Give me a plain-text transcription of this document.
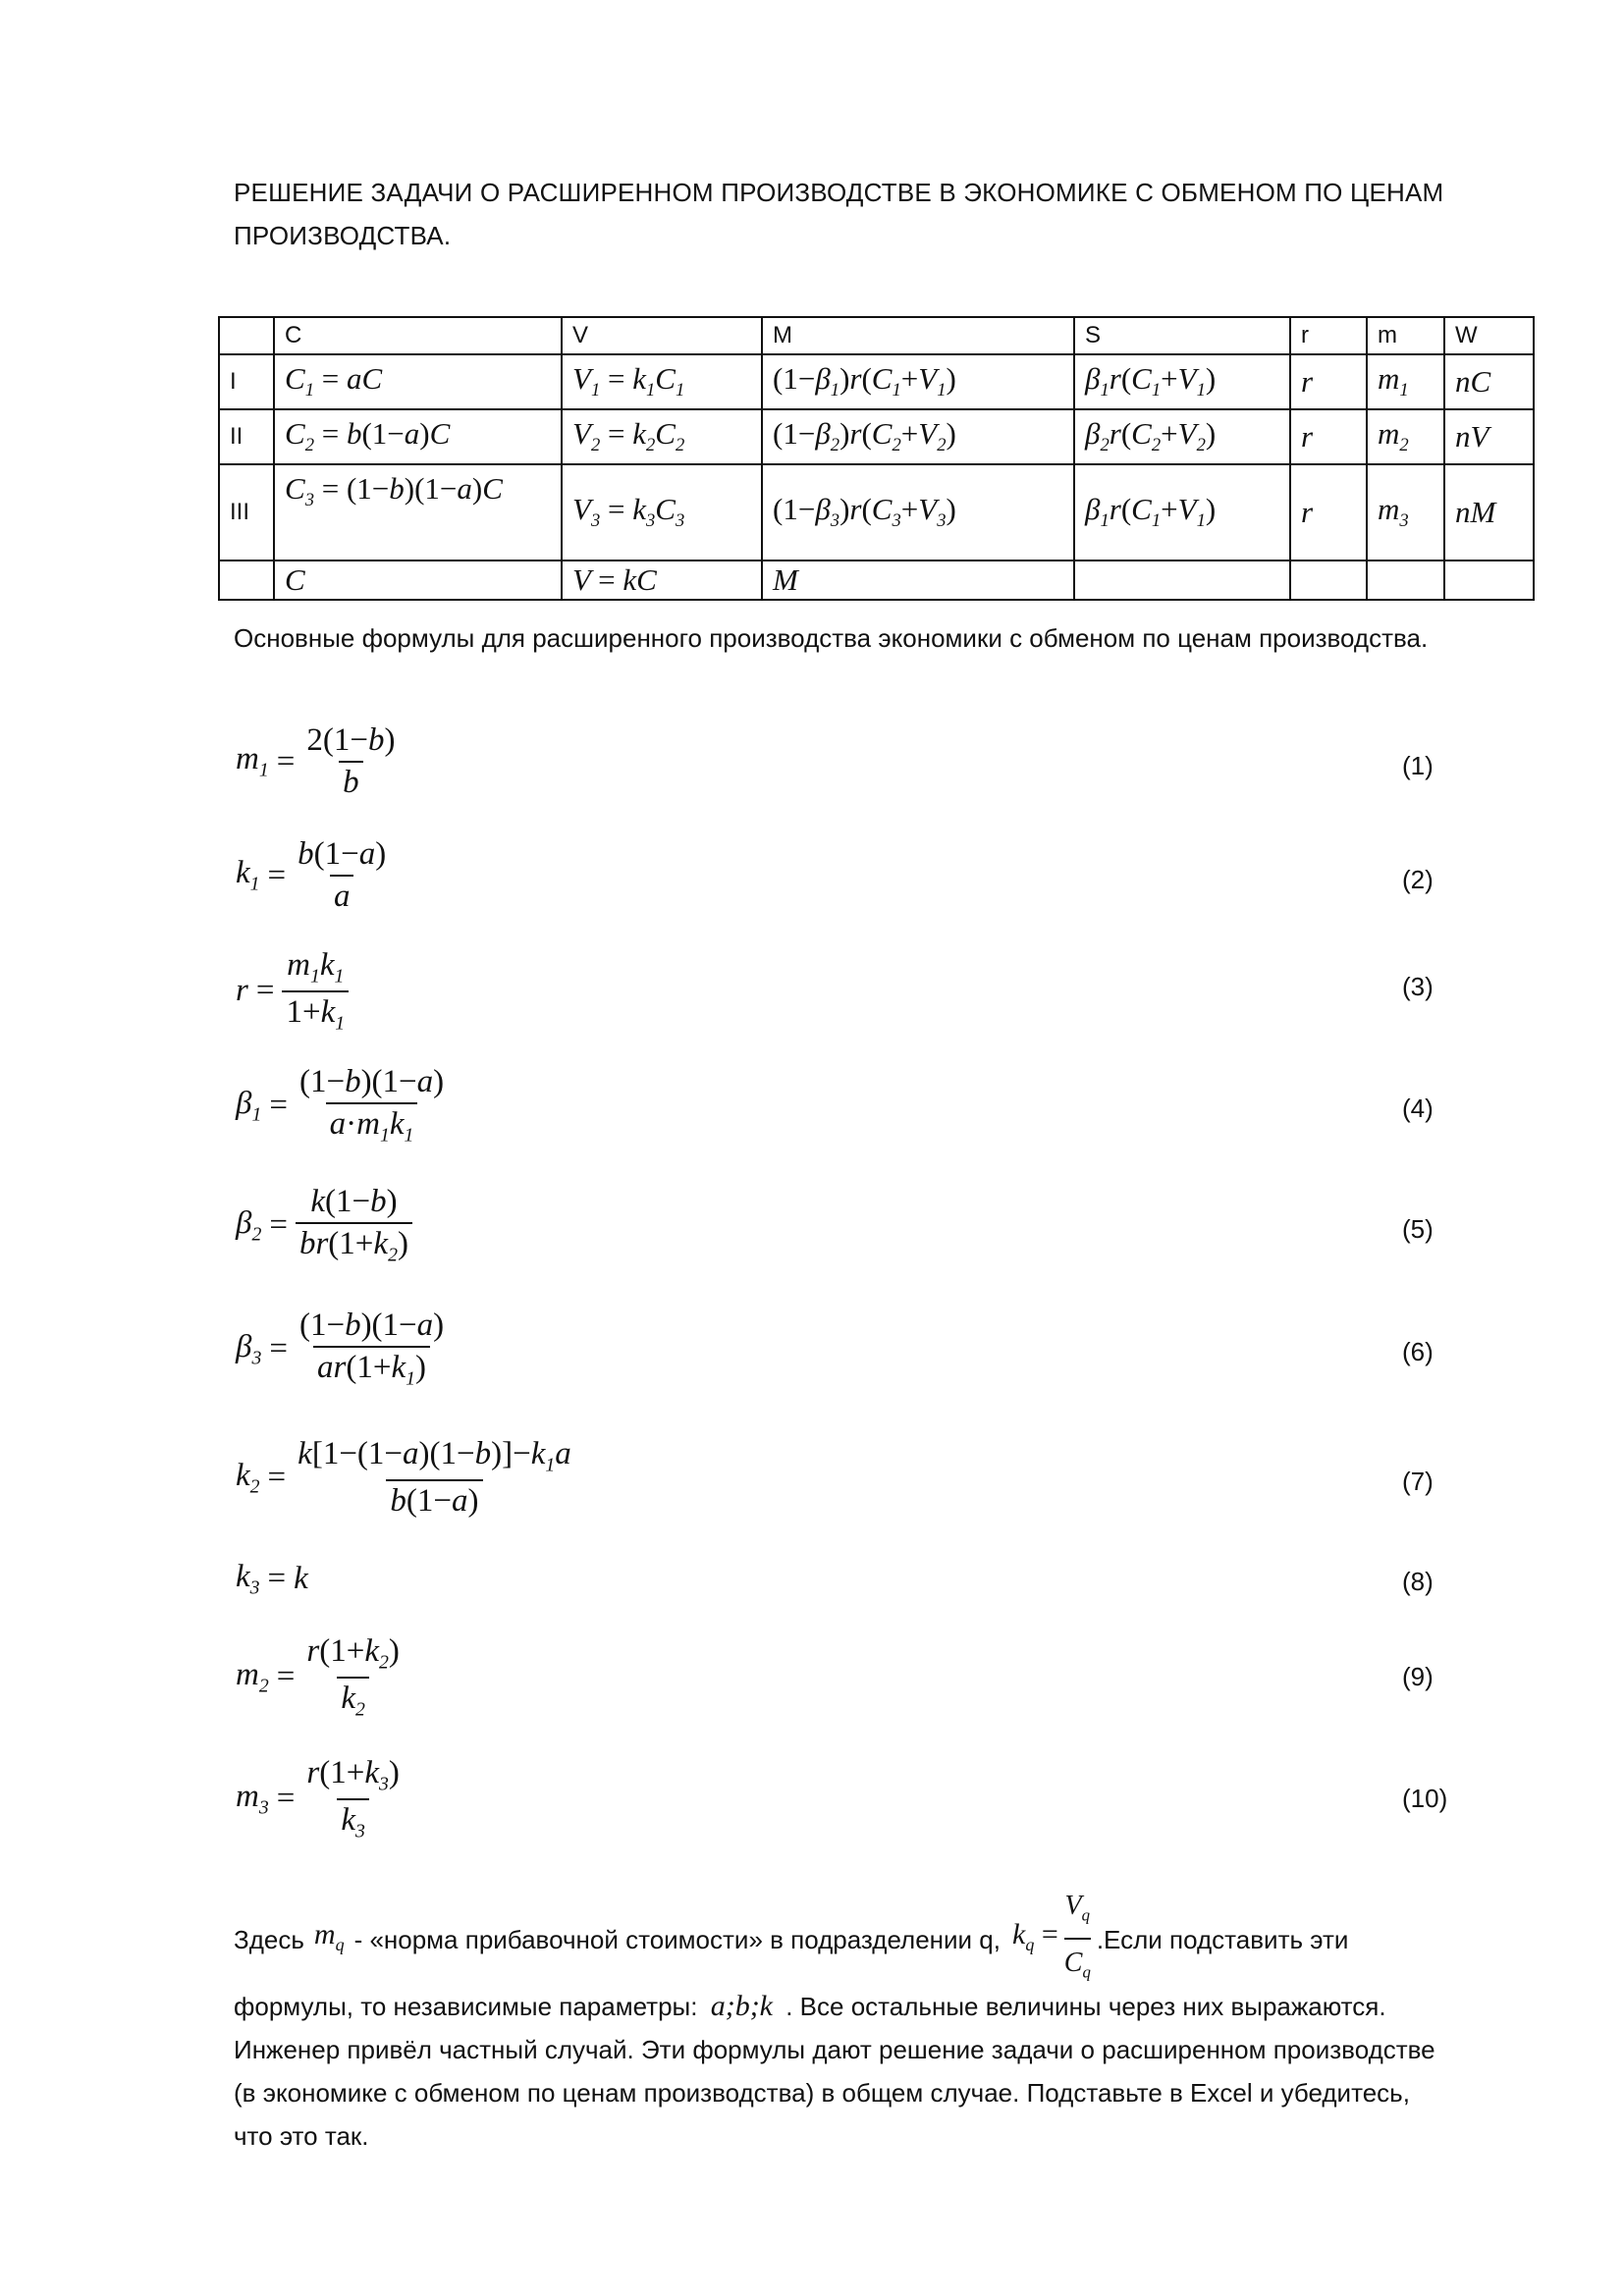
РЕШЕНИЕ ЗАДАЧИ О РАСШИРЕННОМ ПРОИЗВОДСТВЕ В ЭКОНОМИКЕ С ОБМЕНОМ ПО ЦЕНАМ ПРОИЗВОДСТВА.
	C	V	M	S	r	m	W
I	$C_1$ = aC	$V_1 = k_1C_1$	$(1-\beta_1)r(C_1+V_1)$	$\beta_1r(C_1+V_1)$	r	$m_1$	nC
II	$C_2 = b(1-a)C$	$V_2 = k_2C_2$	$(1-\beta_2)r(C_2+V_2)$	$\beta_2r(C_2+V_2)$	r	$m_2$	nV
III	$C_3 = (1-b)(1-a)C$	$V_3 = k_3C_3$	$(1-\beta_3)r(C_3+V_3)$	$\beta_1r(C_1+V_1)$	r	$m_3$	nM
	C	V = kC	M				
Основные формулы для расширенного производства экономики с обменом по ценам производства.
$m_1 = \frac{2(1-b)}{b}$	(1)
$k_1 = \frac{b(1-a)}{a}$	(2)
$r = \frac{m_1k_1}{1+k_1}$	(3)
$\beta_1 = \frac{(1-b)(1-a)}{a\cdot m_1k_1}$	(4)
$\beta_2 = \frac{k(1-b)}{br(1+k_2)}$	(5)
$\beta_3 = \frac{(1-b)(1-a)}{ar(1+k_1)}$	(6)
$k_2 = \frac{k[1-(1-a)(1-b)]-k_1a}{b(1-a)}$	(7)
$k_3 = k$	(8)
$m_2 = \frac{r(1+k_2)}{k_2}$	(9)
$m_3 = \frac{r(1+k_3)}{k_3}$	(10)
Здесь $m_q$ - «норма прибавочной стоимости» в подразделении q, $k_q = \frac{V_q}{C_q}$ .Если подставить эти
формулы, то независимые параметры: a;b;k . Все остальные величины через них выражаются.
Инженер привёл частный случай. Эти формулы дают решение задачи о расширенном производстве (в экономике с обменом по ценам производства) в общем случае. Подставьте в Excel и убедитесь, что это так.
